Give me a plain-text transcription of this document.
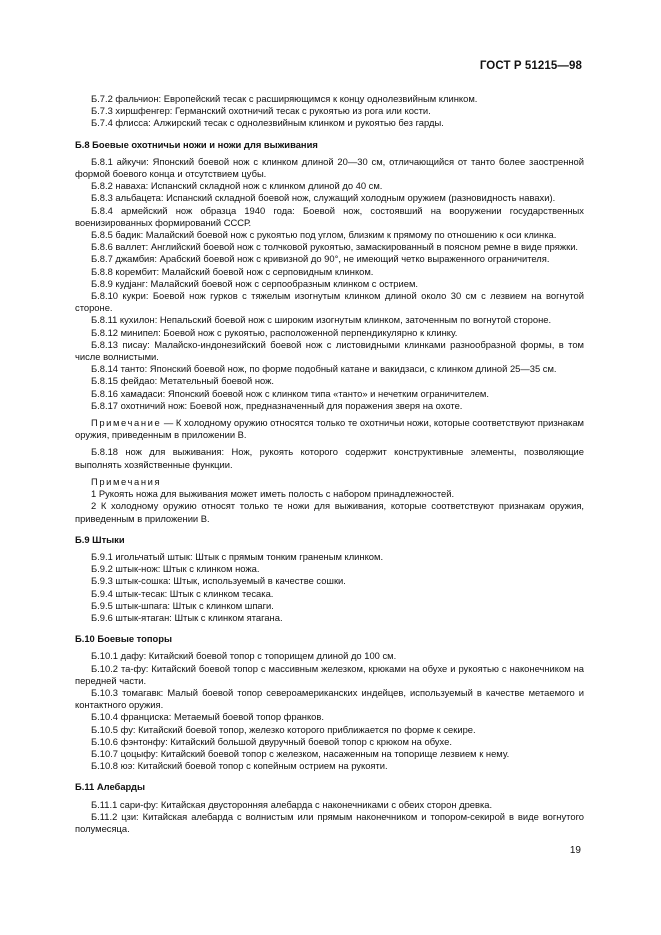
ГОСТ Р 51215—98

Б.7.2 фальчион: Европейский тесак с расширяющимся к концу однолезвийным клинком.

Б.7.3 хиршфенгер: Германский охотничий тесак с рукоятью из рога или кости.

Б.7.4 флисса: Алжирский тесак с однолезвийным клинком и рукоятью без гарды.

Б.8 Боевые охотничьи ножи и ножи для выживания

Б.8.1 айкучи: Японский боевой нож с клинком длиной 20—30 см, отличающийся от танто более заостренной формой боевого конца и отсутствием цубы.

Б.8.2 наваха: Испанский складной нож с клинком длиной до 40 см.

Б.8.3 альбацета: Испанский складной боевой нож, служащий холодным оружием (разновидность навахи).

Б.8.4 армейский нож образца 1940 года: Боевой нож, состоявший на вооружении государственных военизированных формирований СССР.

Б.8.5 бадик: Малайский боевой нож с рукоятью под углом, близким к прямому по отношению к оси клинка.

Б.8.6 валлет: Английский боевой нож с толчковой рукоятью, замаскированный в поясном ремне в виде пряжки.

Б.8.7 джамбия: Арабский боевой нож с кривизной до 90°, не имеющий четко выраженного ограничителя.

Б.8.8 корембит: Малайский боевой нож с серповидным клинком.

Б.8.9 кудjанг: Малайский боевой нож с серпообразным клинком с острием.

Б.8.10 кукри: Боевой нож гурков с тяжелым изогнутым клинком длиной около 30 см с лезвием на вогнутой стороне.

Б.8.11 кухилон: Непальский боевой нож с широким изогнутым клинком, заточенным по вогнутой стороне.

Б.8.12 минипел: Боевой нож с рукоятью, расположенной перпендикулярно к клинку.

Б.8.13 писау: Малайско-индонезийский боевой нож с листовидными клинками разнообразной формы, в том числе волнистыми.

Б.8.14 танто: Японский боевой нож, по форме подобный катане и вакидзаси, с клинком длиной 25—35 см.

Б.8.15 фейдао: Метательный боевой нож.

Б.8.16 хамадаси: Японский боевой нож с клинком типа «танто» и нечетким ограничителем.

Б.8.17 охотничий нож: Боевой нож, предназначенный для поражения зверя на охоте.

Примечание — К холодному оружию относятся только те охотничьи ножи, которые соответствуют признакам оружия, приведенным в приложении В.

Б.8.18 нож для выживания: Нож, рукоять которого содержит конструктивные элементы, позволяющие выполнять хозяйственные функции.

Примечания

1 Рукоять ножа для выживания может иметь полость с набором принадлежностей.

2 К холодному оружию относят только те ножи для выживания, которые соответствуют признакам оружия, приведенным в приложении В.

Б.9 Штыки

Б.9.1 игольчатый штык: Штык с прямым тонким граненым клинком.

Б.9.2 штык-нож: Штык с клинком ножа.

Б.9.3 штык-сошка: Штык, используемый в качестве сошки.

Б.9.4 штык-тесак: Штык с клинком тесака.

Б.9.5 штык-шпага: Штык с клинком шпаги.

Б.9.6 штык-ятаган: Штык с клинком ятагана.

Б.10 Боевые топоры

Б.10.1 дафу: Китайский боевой топор с топорищем длиной до 100 см.

Б.10.2 та-фу: Китайский боевой топор с массивным железком, крюками на обухе и рукоятью с наконечником на передней части.

Б.10.3 томагавк: Малый боевой топор североамериканских индейцев, используемый в качестве метаемого и контактного оружия.

Б.10.4 франциска: Метаемый боевой топор франков.

Б.10.5 фу: Китайский боевой топор, железко которого приближается по форме к секире.

Б.10.6 фэнтонфу: Китайский большой двуручный боевой топор с крюком на обухе.

Б.10.7 цоцыфу: Китайский боевой топор с железком, насаженным на топорище лезвием к нему.

Б.10.8 юэ: Китайский боевой топор с копейным острием на рукояти.

Б.11 Алебарды

Б.11.1 сари-фу: Китайская двусторонняя алебарда с наконечниками с обеих сторон древка.

Б.11.2 цзи: Китайская алебарда с волнистым или прямым наконечником и топором-секирой в виде вогнутого полумесяца.

19
